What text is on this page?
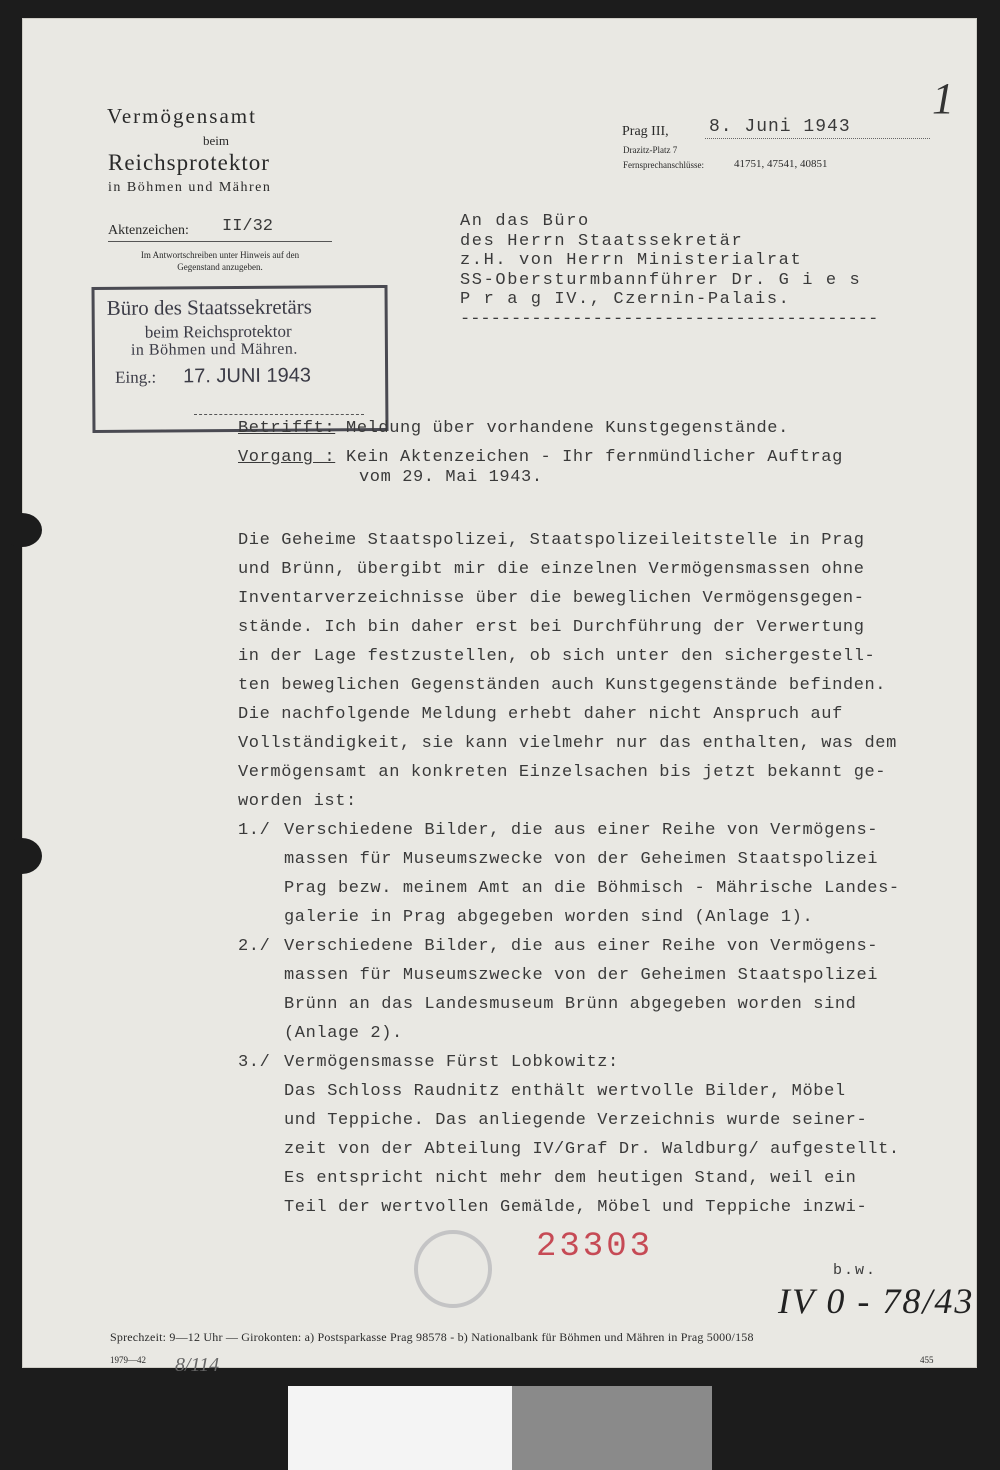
Vermögensamt
beim
Reichsprotektor
in Böhmen und Mähren
Aktenzeichen: II/32
Im Antwortschreiben unter Hinweis auf den
Gegenstand anzugeben.
Büro des Staatssekretärs
beim Reichsprotektor
in Böhmen und Mähren.
Eing.: 17. JUNI 1943
Prag III, 8. Juni 1943
Drazitz-Platz 7
Fernsprechanschlüsse:	41751, 47541, 40851
1
An das Büro
des Herrn Staatssekretär
z.H. von Herrn Ministerialrat
SS-Obersturmbannführer Dr. G i e s
P r a g IV., Czernin-Palais.
-----------------------------------------
Betrifft: Meldung über vorhandene Kunstgegenstände.
Vorgang : Kein Aktenzeichen - Ihr fernmündlicher Auftrag
vom 29. Mai 1943.
Die Geheime Staatspolizei, Staatspolizeileitstelle in Prag
und Brünn, übergibt mir die einzelnen Vermögensmassen ohne
Inventarverzeichnisse über die beweglichen Vermögensgegen-
stände. Ich bin daher erst bei Durchführung der Verwertung
in der Lage festzustellen, ob sich unter den sichergestell-
ten beweglichen Gegenständen auch Kunstgegenstände befinden.
Die nachfolgende Meldung erhebt daher nicht Anspruch auf
Vollständigkeit, sie kann vielmehr nur das enthalten, was dem
Vermögensamt an konkreten Einzelsachen bis jetzt bekannt ge-
worden ist:
1./ Verschiedene Bilder, die aus einer Reihe von Vermögens-
massen für Museumszwecke von der Geheimen Staatspolizei
Prag bezw. meinem Amt an die Böhmisch - Mährische Landes-
galerie in Prag abgegeben worden sind (Anlage 1).
2./ Verschiedene Bilder, die aus einer Reihe von Vermögens-
massen für Museumszwecke von der Geheimen Staatspolizei
Brünn an das Landesmuseum Brünn abgegeben worden sind
(Anlage 2).
3./ Vermögensmasse Fürst Lobkowitz:
Das Schloss Raudnitz enthält wertvolle Bilder, Möbel
und Teppiche. Das anliegende Verzeichnis wurde seiner-
zeit von der Abteilung IV/Graf Dr. Waldburg/ aufgestellt.
Es entspricht nicht mehr dem heutigen Stand, weil ein
Teil der wertvollen Gemälde, Möbel und Teppiche inzwi-
23303
b.w.
IV 0 - 78/43
Sprechzeit: 9—12 Uhr — Girokonten: a) Postsparkasse Prag 98578 - b) Nationalbank für Böhmen und Mähren in Prag 5000/158
1979—42 8/114	455
